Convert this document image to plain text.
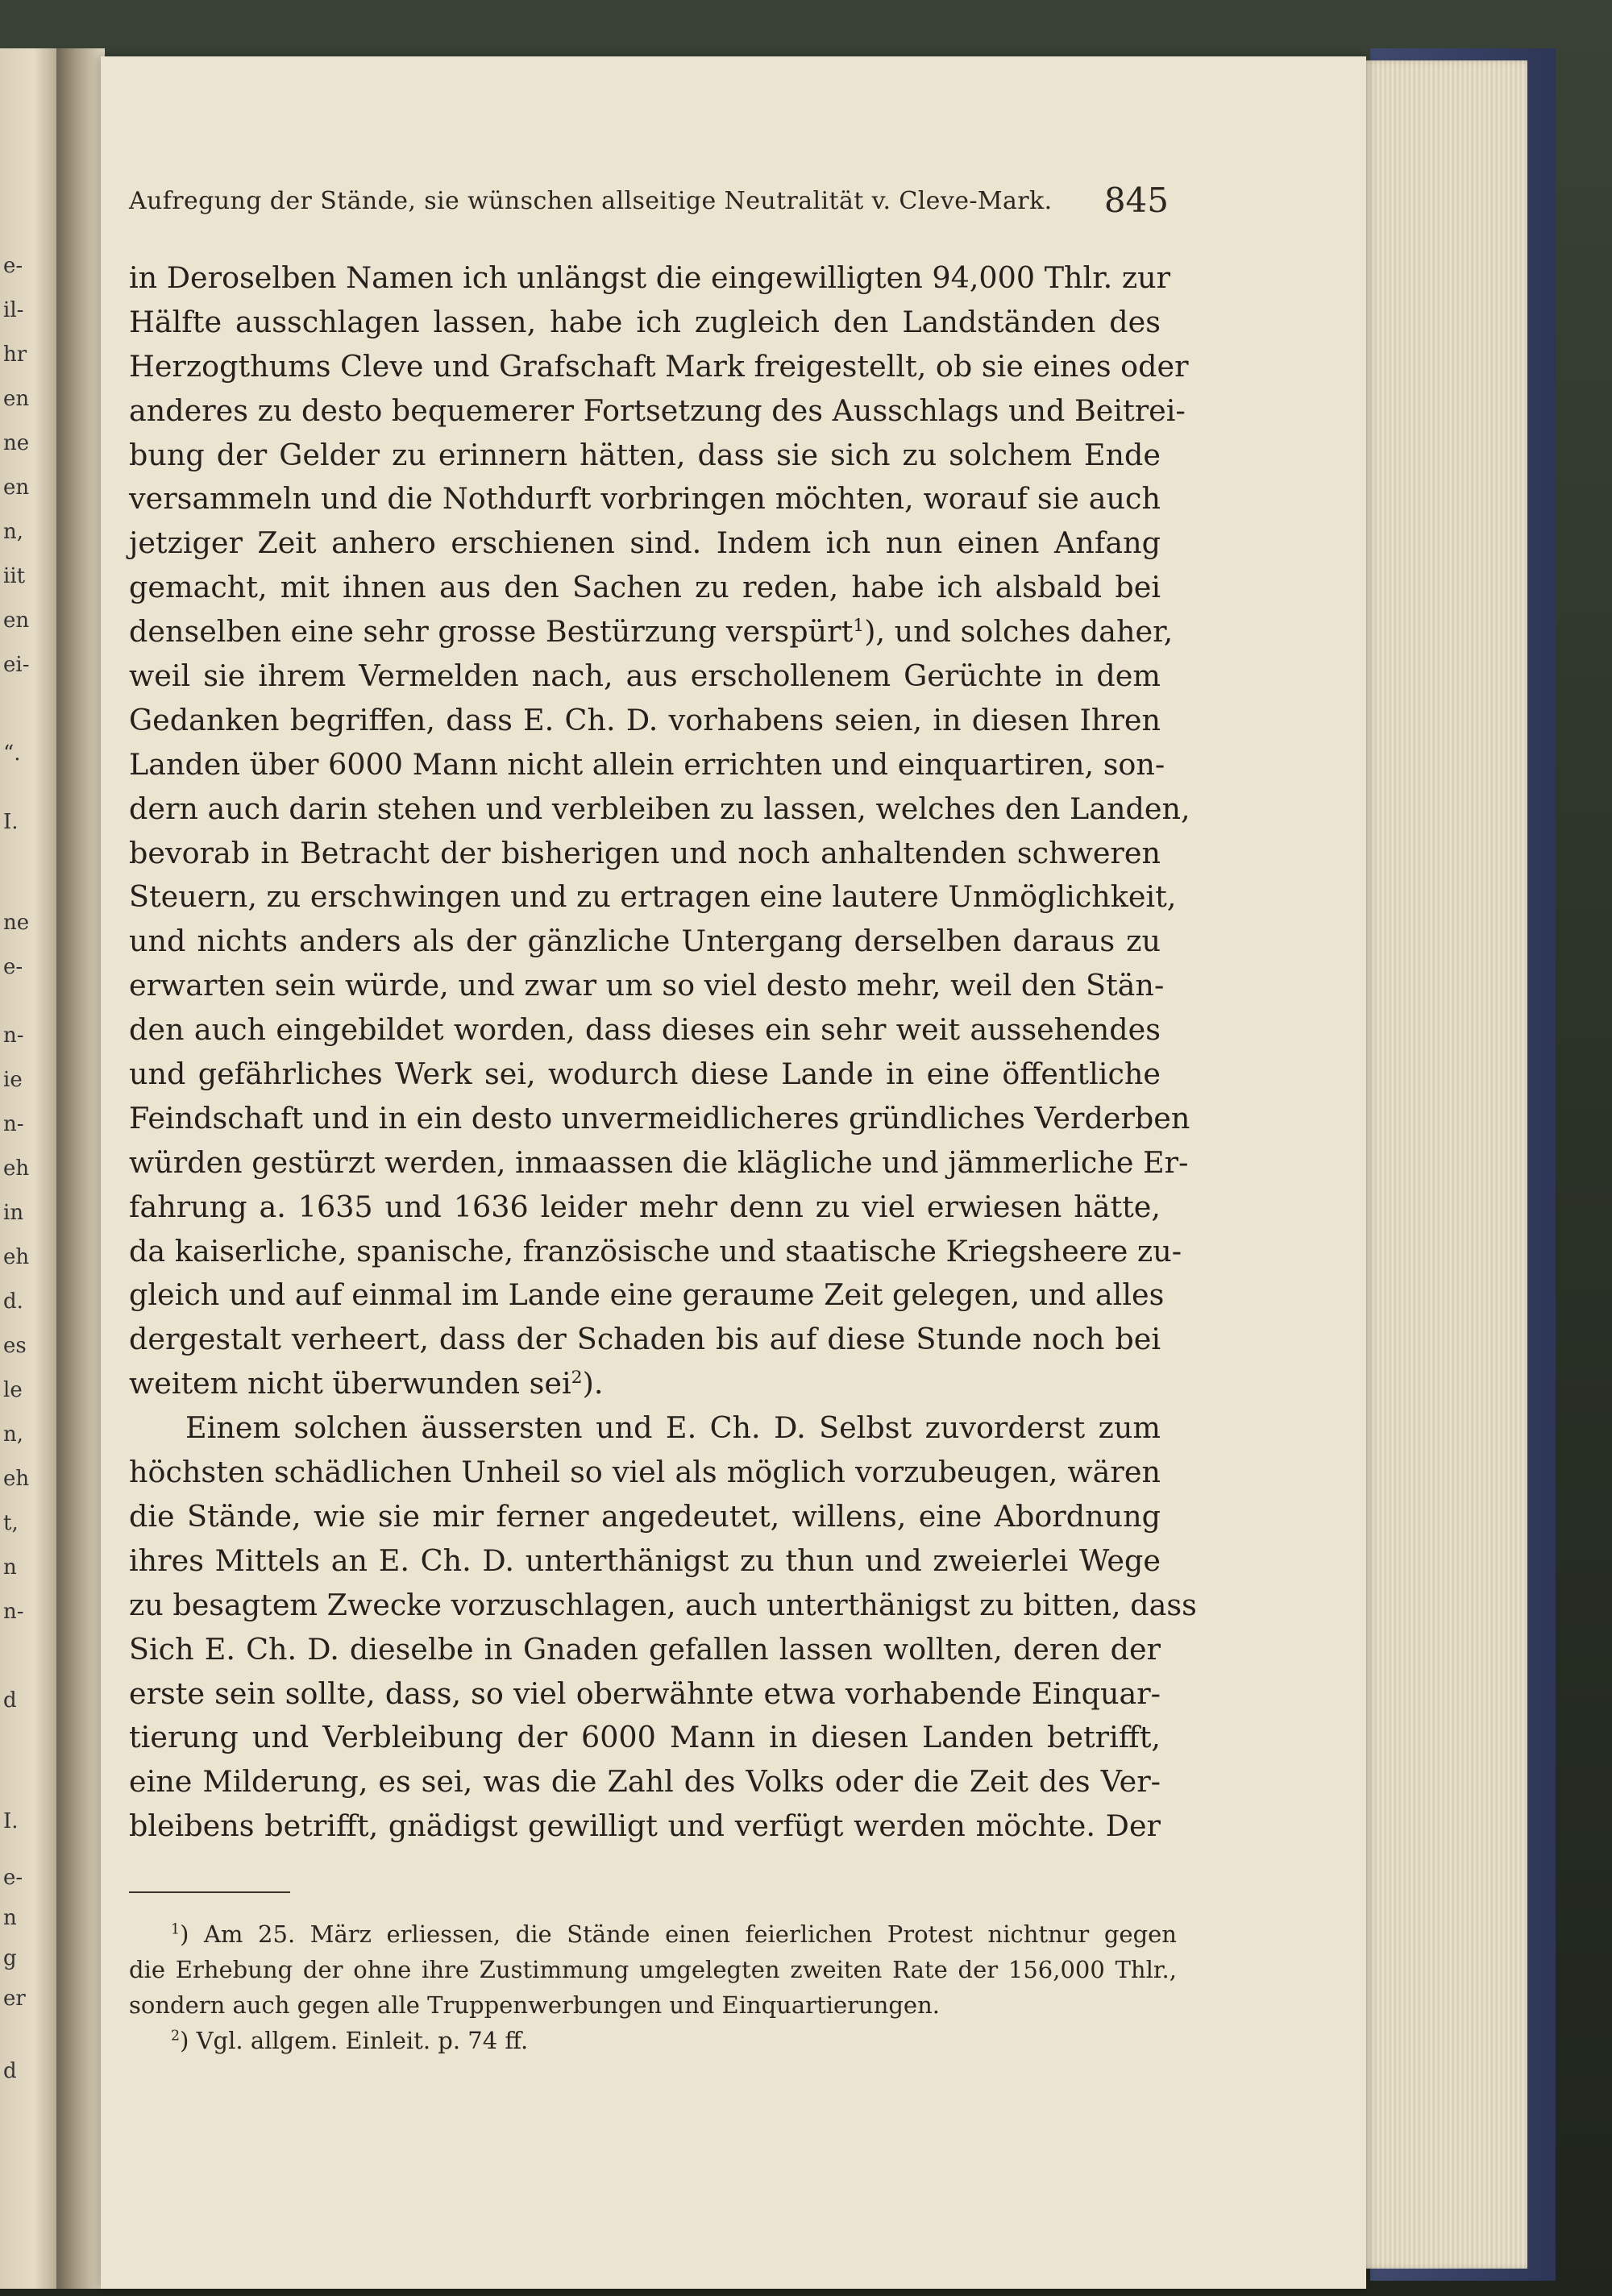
e-
il-
hr
en
ne
en
n,
iit
en
ei-
“.
I.
ne
e-
n-
ie
n-
eh
in
eh
d.
es
le
n,
eh
t,
n
n-
d
I.
e-
n
g
er
d
Aufregung der Stände, sie wünschen allseitige Neutralität v. Cleve-Mark. 845
in Deroselben Namen ich unlängst die eingewilligten 94,000 Thlr. zur
Hälfte ausschlagen lassen, habe ich zugleich den Landständen des
Herzogthums Cleve und Grafschaft Mark freigestellt, ob sie eines oder
anderes zu desto bequemerer Fortsetzung des Ausschlags und Beitrei-
bung der Gelder zu erinnern hätten, dass sie sich zu solchem Ende
versammeln und die Nothdurft vorbringen möchten, worauf sie auch
jetziger Zeit anhero erschienen sind. Indem ich nun einen Anfang
gemacht, mit ihnen aus den Sachen zu reden, habe ich alsbald bei
denselben eine sehr grosse Bestürzung verspürt$^1$), und solches daher,
weil sie ihrem Vermelden nach, aus erschollenem Gerüchte in dem
Gedanken begriffen, dass E. Ch. D. vorhabens seien, in diesen Ihren
Landen über 6000 Mann nicht allein errichten und einquartiren, son-
dern auch darin stehen und verbleiben zu lassen, welches den Landen,
bevorab in Betracht der bisherigen und noch anhaltenden schweren
Steuern, zu erschwingen und zu ertragen eine lautere Unmöglichkeit,
und nichts anders als der gänzliche Untergang derselben daraus zu
erwarten sein würde, und zwar um so viel desto mehr, weil den Stän-
den auch eingebildet worden, dass dieses ein sehr weit aussehendes
und gefährliches Werk sei, wodurch diese Lande in eine öffentliche
Feindschaft und in ein desto unvermeidlicheres gründliches Verderben
würden gestürzt werden, inmaassen die klägliche und jämmerliche Er-
fahrung a. 1635 und 1636 leider mehr denn zu viel erwiesen hätte,
da kaiserliche, spanische, französische und staatische Kriegsheere zu-
gleich und auf einmal im Lande eine geraume Zeit gelegen, und alles
dergestalt verheert, dass der Schaden bis auf diese Stunde noch bei
weitem nicht überwunden sei$^2$).
Einem solchen äussersten und E. Ch. D. Selbst zuvorderst zum
höchsten schädlichen Unheil so viel als möglich vorzubeugen, wären
die Stände, wie sie mir ferner angedeutet, willens, eine Abordnung
ihres Mittels an E. Ch. D. unterthänigst zu thun und zweierlei Wege
zu besagtem Zwecke vorzuschlagen, auch unterthänigst zu bitten, dass
Sich E. Ch. D. dieselbe in Gnaden gefallen lassen wollten, deren der
erste sein sollte, dass, so viel oberwähnte etwa vorhabende Einquar-
tierung und Verbleibung der 6000 Mann in diesen Landen betrifft,
eine Milderung, es sei, was die Zahl des Volks oder die Zeit des Ver-
bleibens betrifft, gnädigst gewilligt und verfügt werden möchte. Der
$^1$) Am 25. März erliessen, die Stände einen feierlichen Protest nichtnur gegen
die Erhebung der ohne ihre Zustimmung umgelegten zweiten Rate der 156,000 Thlr.,
sondern auch gegen alle Truppenwerbungen und Einquartierungen.
$^2$) Vgl. allgem. Einleit. p. 74 ff.
